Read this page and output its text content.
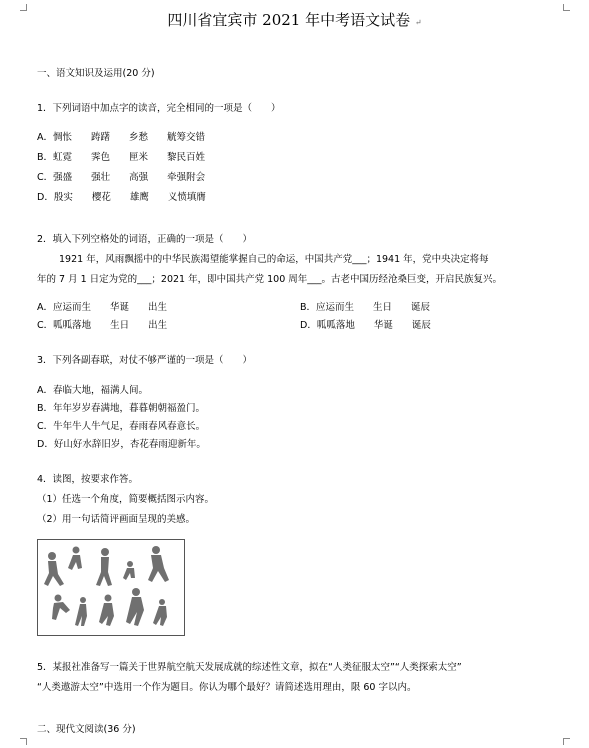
四川省宜宾市 2021 年中考语文试卷 ↵
一、语文知识及运用(20 分)
1．下列词语中加点字的读音，完全相同的一项是（　　）
A．惆怅　　踌躇　　乡愁　　觥筹交错
B．虹霓　　霁色　　匣米　　黎民百姓
C．强盛　　强壮　　高强　　牵强附会
D．殷实　　樱花　　雄鹰　　义愤填膺
2．填入下列空格处的词语，正确的一项是（　　）
1921 年，风雨飘摇中的中华民族渴望能掌握自己的命运，中国共产党___；1941 年，党中央决定将每
年的 7 月 1 日定为党的___；2021 年，即中国共产党 100 周年___。古老中国历经沧桑巨变，开启民族复兴。
A．应运而生　　华诞　　出生	B．应运而生　　生日　　诞辰
C．呱呱落地　　生日　　出生	D．呱呱落地　　华诞　　诞辰
3．下列各副春联，对仗不够严谨的一项是（　　）
A．春临大地，福满人间。
B．年年岁岁春满地，暮暮朝朝福盈门。
C．牛年牛人牛气足，春雨春风春意长。
D．好山好水辞旧岁，杏花春雨迎新年。
4．读图，按要求作答。
（1）任选一个角度，简要概括图示内容。
（2）用一句话简评画面呈现的美感。
5．某报社准备写一篇关于世界航空航天发展成就的综述性文章，拟在“人类征服太空”“人类探索太空”
“人类遨游太空”中选用一个作为题目。你认为哪个最好？请简述选用理由，限 60 字以内。
二、现代文阅读(36 分)
